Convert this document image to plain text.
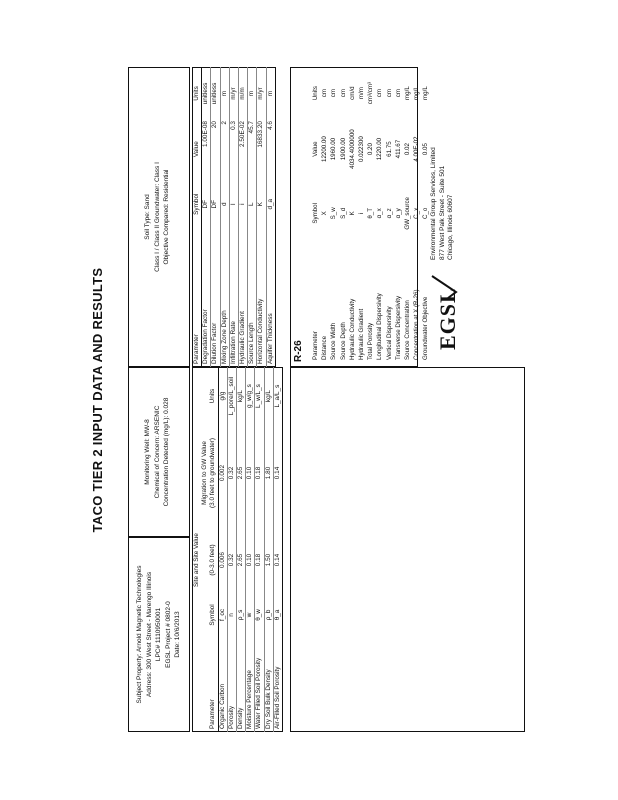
TACO TIER 2 INPUT DATA AND RESULTS
Subject Property: Arnold Magnetic Technologies Address: 300 West Street - Marengo Illinois LPC# 1110950001 EGSL Project # 0802-0 Date: 10/6/2013
Monitoring Well: MW-8 Chemical of Concern: ARSENIC Concentration Detected (mg/L): 0.028
Soil Type: Sand Class I / Class II Groundwater: Class I Objective Compared: Residential
		Site and Site Value		
Parameter	Symbol	(0-3.0 feet)	Migration to GW Value (3.0 feet to groundwater)	Units
Organic Carbon	f_oc	0.006	0.002	g/g
Porosity	n	0.32	0.32	L_pore/L_soil
Density	ρ_s	2.65	2.65	kg/L
Moisture Percentage	w	0.10	0.10	g_w/g_s
Water Filled Soil Porosity	θ_w	0.18	0.18	L_w/L_s
Dry Soil Bulk Density	ρ_b	1.50	1.80	kg/L
Air-Filled Soil Porosity	θ_a	0.14	0.14	L_a/L_s
Parameter	Symbol	Value	Units
Degradation Factor	DF	1.00E-08	unitless
Dilution Factor	DF	20	unitless
Mixing Zone Depth	d	2	m
Infiltration Rate	I	0.3	m/yr
Hydraulic Gradient	i	2.50E-02	m/m
Source Length	L	45.7	m
Horizontal Conductivity	K	16833.20	m/yr
Aquifer Thickness	d_a	4.6	m
R-26 Parameter	Symbol	Value	Units
Distance	X	12200.00	cm
Source Width	S_w	1960.00	cm
Source Depth	S_d	1900.00	cm
Hydraulic Conductivity	K	4034.4000000	cm/d
Hydraulic Gradient	i	0.022300	m/m
Total Porosity	θ_T	0.20	cm³/cm³
Longitudinal Dispersivity	α_x	1220.00	cm
Vertical Dispersivity	α_z	61.75	cm
Transverse Dispersivity	α_y	411.67	cm
Source Concentration	GW_source	0.02	mg/L
Concentration at X (R-26)	C_x	4.00E-02	mg/L
Groundwater Objective	C_o	0.05	mg/L
EGSL
Environmental Group Services, Limited 877 West Palk Street - Suite 501 Chicago, Illinois 60607
